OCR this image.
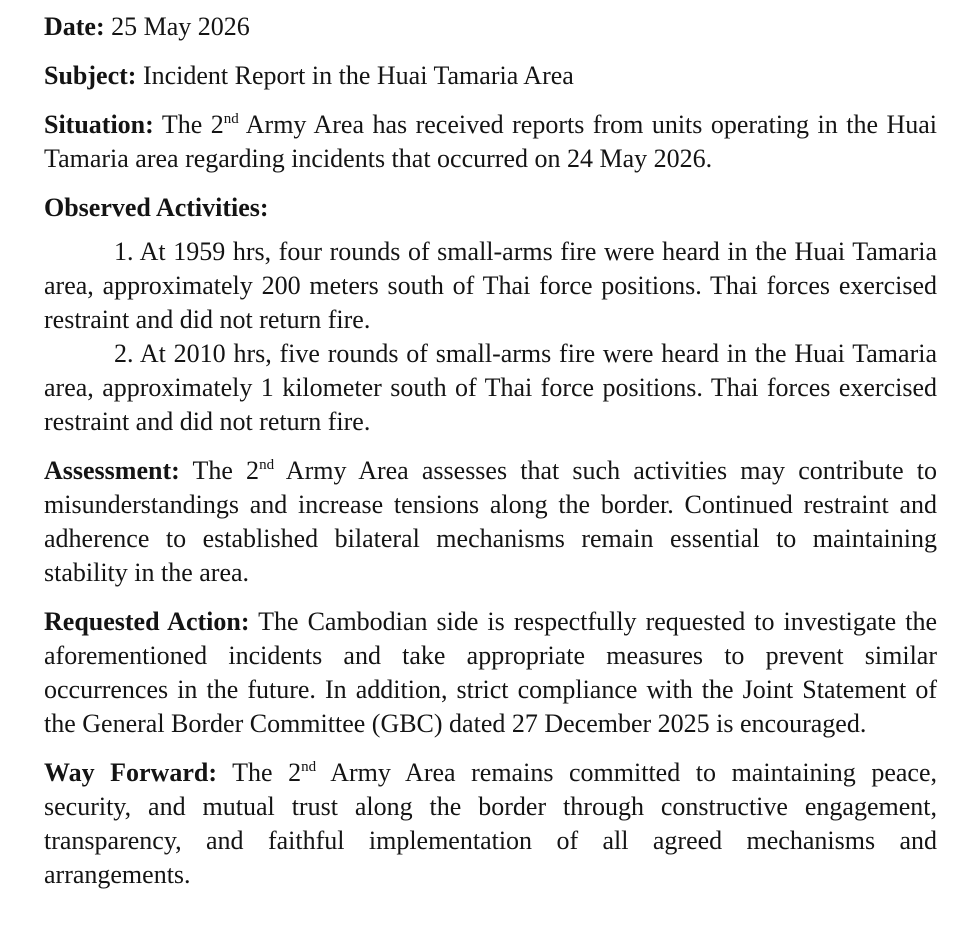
Date: 25 May 2026

Subject: Incident Report in the Huai Tamaria Area

Situation: The 2nd Army Area has received reports from units operating in the Huai Tamaria area regarding incidents that occurred on 24 May 2026.

Observed Activities:

1. At 1959 hrs, four rounds of small-arms fire were heard in the Huai Tamaria area, approximately 200 meters south of Thai force positions. Thai forces exercised restraint and did not return fire.

2. At 2010 hrs, five rounds of small-arms fire were heard in the Huai Tamaria area, approximately 1 kilometer south of Thai force positions. Thai forces exercised restraint and did not return fire.

Assessment: The 2nd Army Area assesses that such activities may contribute to misunderstandings and increase tensions along the border. Continued restraint and adherence to established bilateral mechanisms remain essential to maintaining stability in the area.

Requested Action: The Cambodian side is respectfully requested to investigate the aforementioned incidents and take appropriate measures to prevent similar occurrences in the future. In addition, strict compliance with the Joint Statement of the General Border Committee (GBC) dated 27 December 2025 is encouraged.

Way Forward: The 2nd Army Area remains committed to maintaining peace, security, and mutual trust along the border through constructive engagement, transparency, and faithful implementation of all agreed mechanisms and arrangements.
